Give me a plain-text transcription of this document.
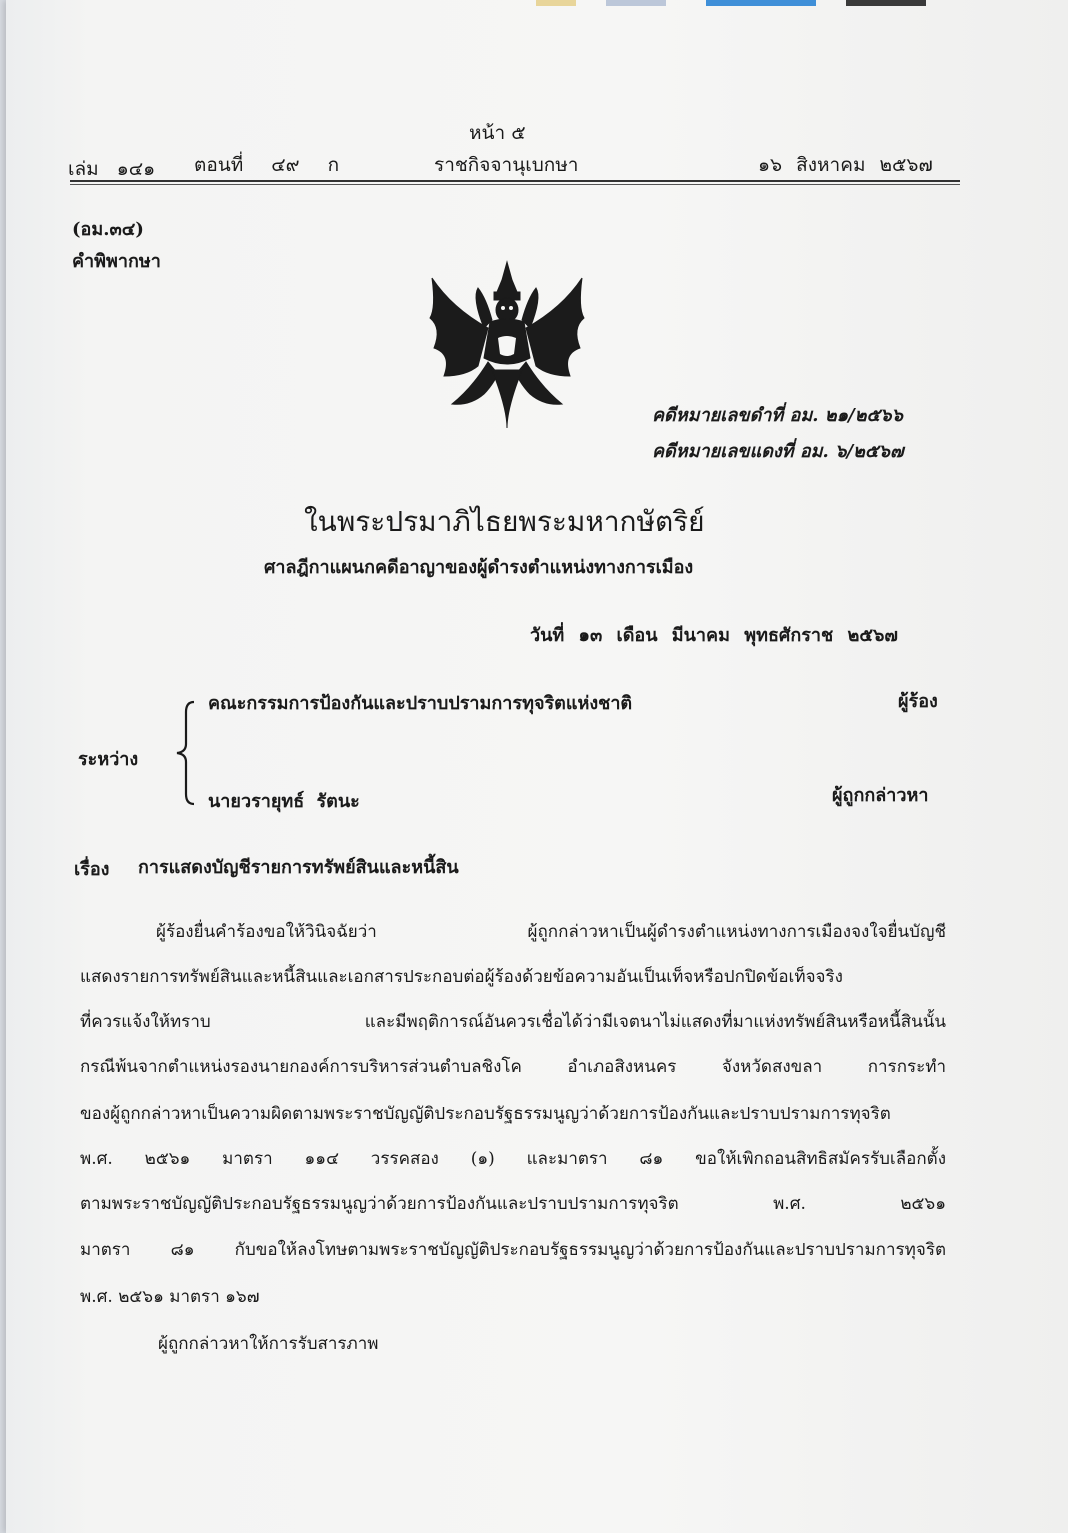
หน้า ๕
เล่ม ๑๔๑ ตอนที่ ๔๙ ก	ราชกิจจานุเบกษา	๑๖ สิงหาคม ๒๕๖๗
(อม.๓๔)
คำพิพากษา
คดีหมายเลขดำที่ อม. ๒๑/๒๕๖๖
คดีหมายเลขแดงที่ อม. ๖/๒๕๖๗
ในพระปรมาภิไธยพระมหากษัตริย์
ศาลฎีกาแผนกคดีอาญาของผู้ดำรงตำแหน่งทางการเมือง
วันที่ ๑๓ เดือน มีนาคม พุทธศักราช ๒๕๖๗
คณะกรรมการป้องกันและปราบปรามการทุจริตแห่งชาติ	ผู้ร้อง
ระหว่าง
นายวรายุทธ์ รัตนะ	ผู้ถูกกล่าวหา
เรื่อง การแสดงบัญชีรายการทรัพย์สินและหนี้สิน
ผู้ร้องยื่นคำร้องขอให้วินิจฉัยว่า ผู้ถูกกล่าวหาเป็นผู้ดำรงตำแหน่งทางการเมืองจงใจยื่นบัญชี
แสดงรายการทรัพย์สินและหนี้สินและเอกสารประกอบต่อผู้ร้องด้วยข้อความอันเป็นเท็จหรือปกปิดข้อเท็จจริง
ที่ควรแจ้งให้ทราบ และมีพฤติการณ์อันควรเชื่อได้ว่ามีเจตนาไม่แสดงที่มาแห่งทรัพย์สินหรือหนี้สินนั้น
กรณีพ้นจากตำแหน่งรองนายกองค์การบริหารส่วนตำบลชิงโค อำเภอสิงหนคร จังหวัดสงขลา การกระทำ
ของผู้ถูกกล่าวหาเป็นความผิดตามพระราชบัญญัติประกอบรัฐธรรมนูญว่าด้วยการป้องกันและปราบปรามการทุจริต
พ.ศ. ๒๕๖๑ มาตรา ๑๑๔ วรรคสอง (๑) และมาตรา ๘๑ ขอให้เพิกถอนสิทธิสมัครรับเลือกตั้ง
ตามพระราชบัญญัติประกอบรัฐธรรมนูญว่าด้วยการป้องกันและปราบปรามการทุจริต พ.ศ. ๒๕๖๑
มาตรา ๘๑ กับขอให้ลงโทษตามพระราชบัญญัติประกอบรัฐธรรมนูญว่าด้วยการป้องกันและปราบปรามการทุจริต
พ.ศ. ๒๕๖๑ มาตรา ๑๖๗
ผู้ถูกกล่าวหาให้การรับสารภาพ
